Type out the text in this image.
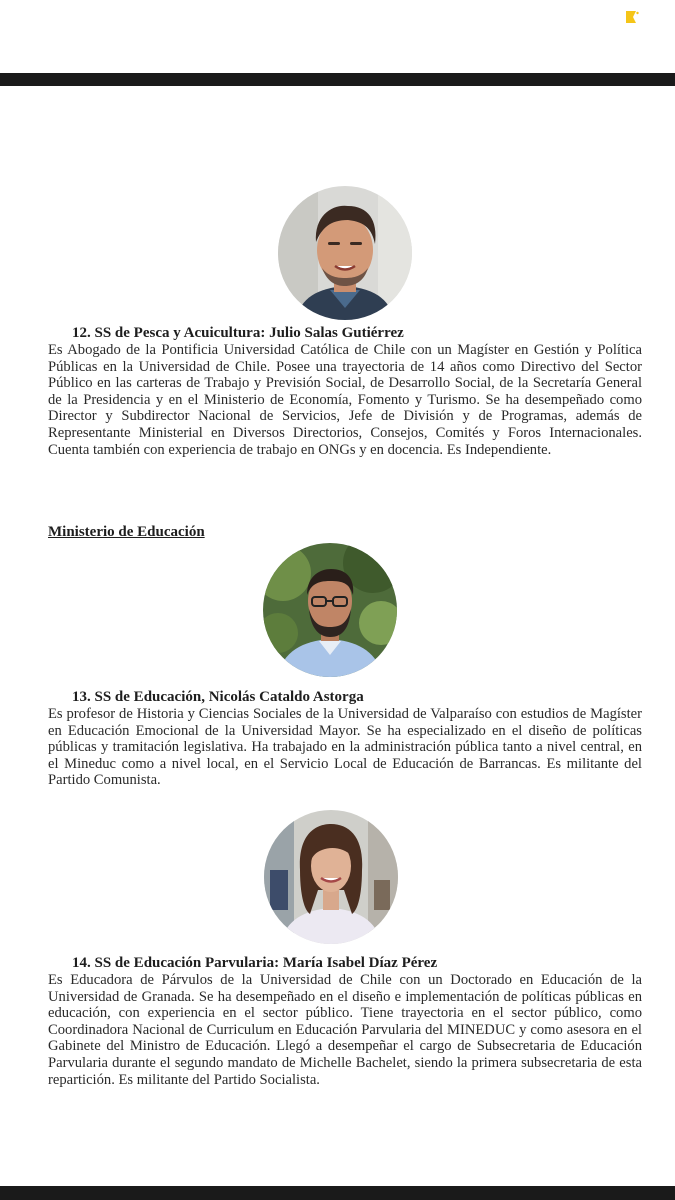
12. SS de Pesca y Acuicultura: Julio Salas Gutiérrez

Es Abogado de la Pontificia Universidad Católica de Chile con un Magíster en Gestión y Política Públicas en la Universidad de Chile. Posee una trayectoria de 14 años como Directivo del Sector Público en las carteras de Trabajo y Previsión Social, de Desarrollo Social, de la Secretaría General de la Presidencia y en el Ministerio de Economía, Fomento y Turismo. Se ha desempeñado como Director y Subdirector Nacional de Servicios, Jefe de División y de Programas, además de Representante Ministerial en Diversos Directorios, Consejos, Comités y Foros Internacionales. Cuenta también con experiencia de trabajo en ONGs y en docencia. Es Independiente.

Ministerio de Educación

13. SS de Educación, Nicolás Cataldo Astorga

Es profesor de Historia y Ciencias Sociales de la Universidad de Valparaíso con estudios de Magíster en Educación Emocional de la Universidad Mayor. Se ha especializado en el diseño de políticas públicas y tramitación legislativa. Ha trabajado en la administración pública tanto a nivel central, en el Mineduc como a nivel local, en el Servicio Local de Educación de Barrancas. Es militante del Partido Comunista.

14. SS de Educación Parvularia: María Isabel Díaz Pérez

Es Educadora de Párvulos de la Universidad de Chile con un Doctorado en Educación de la Universidad de Granada. Se ha desempeñado en el diseño e implementación de políticas públicas en educación, con experiencia en el sector público. Tiene trayectoria en el sector público, como Coordinadora Nacional de Curriculum en Educación Parvularia del MINEDUC y como asesora en el Gabinete del Ministro de Educación. Llegó a desempeñar el cargo de Subsecretaria de Educación Parvularia durante el segundo mandato de Michelle Bachelet, siendo la primera subsecretaria de esta repartición. Es militante del Partido Socialista.
